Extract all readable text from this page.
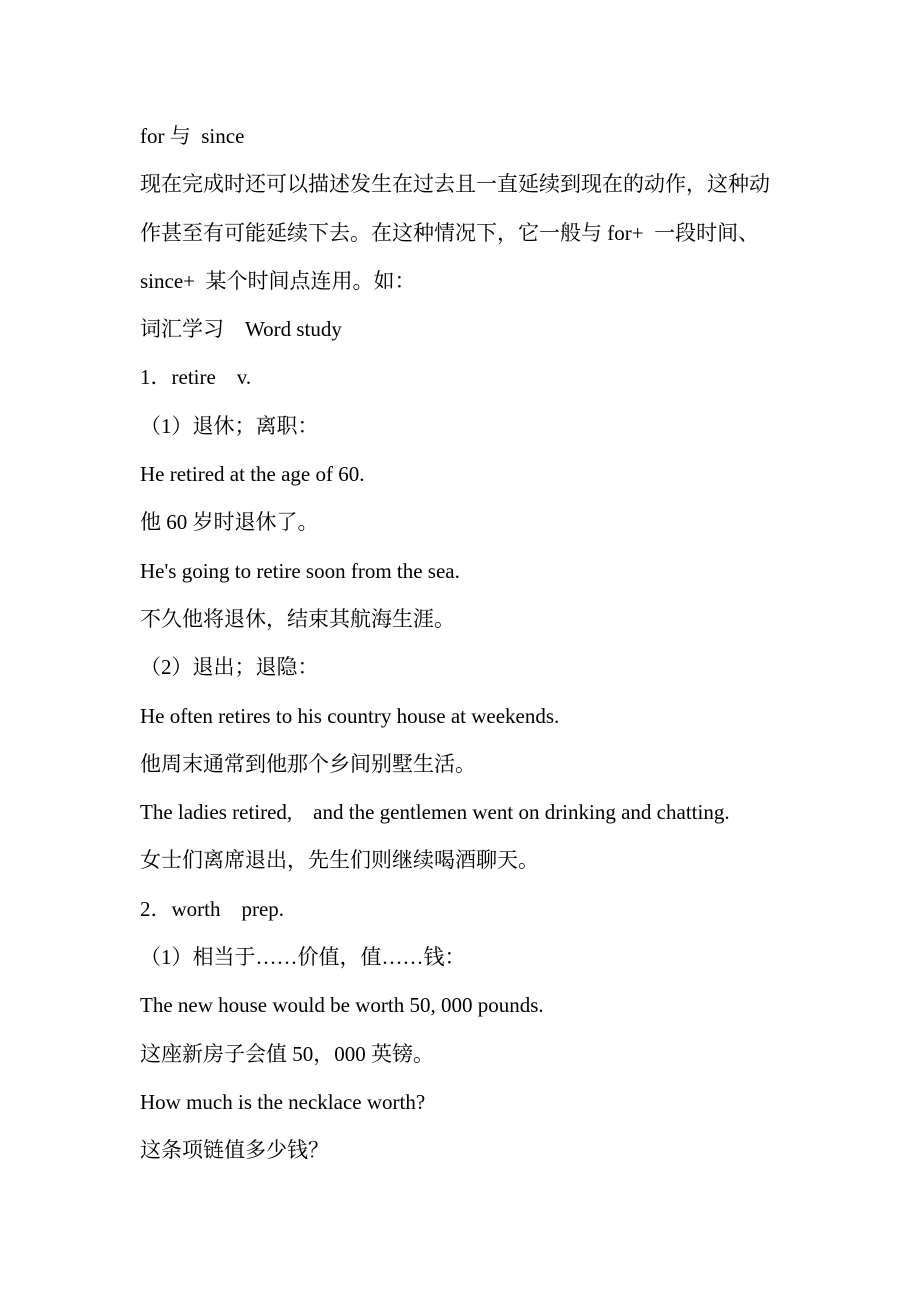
for 与  since

现在完成时还可以描述发生在过去且一直延续到现在的动作，这种动

作甚至有可能延续下去。在这种情况下，它一般与 for+  一段时间、

since+  某个时间点连用。如：

词汇学习    Word study

1．retire    v.

（1）退休；离职：

He retired at the age of 60.

他 60 岁时退休了。

He's going to retire soon from the sea.

不久他将退休，结束其航海生涯。

（2）退出；退隐：

He often retires to his country house at weekends.

他周末通常到他那个乡间别墅生活。

The ladies retired,    and the gentlemen went on drinking and chatting.

女士们离席退出，先生们则继续喝酒聊天。

2．worth    prep.

（1）相当于……价值，值……钱：

The new house would be worth 50, 000 pounds.

这座新房子会值 50，000 英镑。

How much is the necklace worth?

这条项链值多少钱？
